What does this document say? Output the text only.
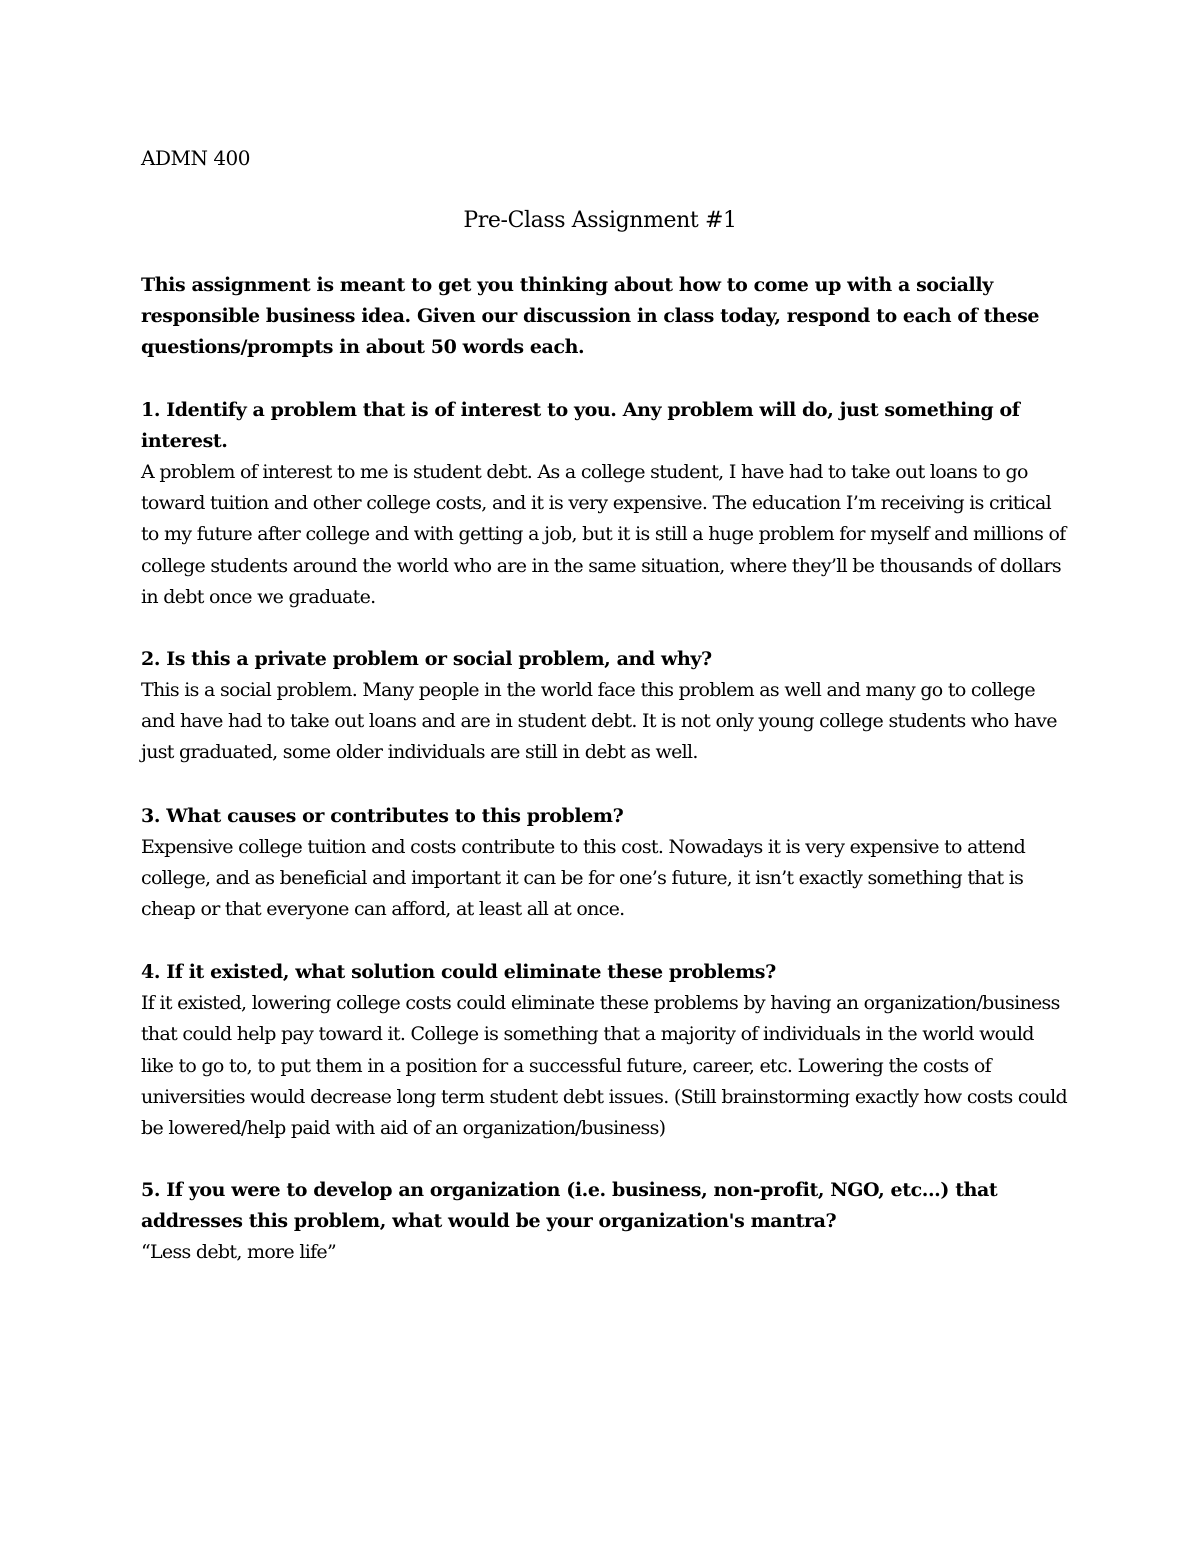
ADMN 400
Pre-Class Assignment #1

This assignment is meant to get you thinking about how to come up with a socially responsible business idea. Given our discussion in class today, respond to each of these questions/prompts in about 50 words each.

1. Identify a problem that is of interest to you. Any problem will do, just something of interest.

A problem of interest to me is student debt. As a college student, I have had to take out loans to go toward tuition and other college costs, and it is very expensive. The education I’m receiving is critical to my future after college and with getting a job, but it is still a huge problem for myself and millions of college students around the world who are in the same situation, where they’ll be thousands of dollars in debt once we graduate.

2. Is this a private problem or social problem, and why?

This is a social problem. Many people in the world face this problem as well and many go to college and have had to take out loans and are in student debt. It is not only young college students who have just graduated, some older individuals are still in debt as well.

3. What causes or contributes to this problem?

Expensive college tuition and costs contribute to this cost. Nowadays it is very expensive to attend college, and as beneficial and important it can be for one’s future, it isn’t exactly something that is cheap or that everyone can afford, at least all at once.

4. If it existed, what solution could eliminate these problems?

If it existed, lowering college costs could eliminate these problems by having an organization/business that could help pay toward it. College is something that a majority of individuals in the world would like to go to, to put them in a position for a successful future, career, etc. Lowering the costs of universities would decrease long term student debt issues. (Still brainstorming exactly how costs could be lowered/help paid with aid of an organization/business)

5. If you were to develop an organization (i.e. business, non-profit, NGO, etc...) that addresses this problem, what would be your organization's mantra?

“Less debt, more life”
